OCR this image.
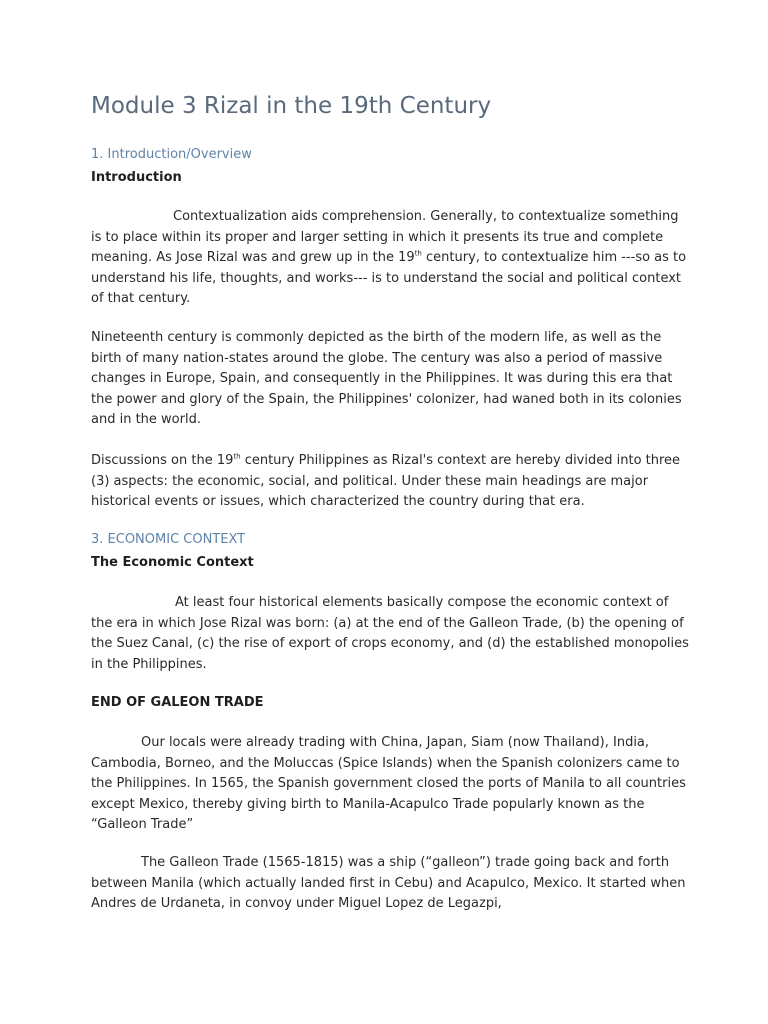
Module 3 Rizal in the 19th Century
1. Introduction/Overview
Introduction

Contextualization aids comprehension. Generally, to contextualize something is to place within its proper and larger setting in which it presents its true and complete meaning. As Jose Rizal was and grew up in the 19th century, to contextualize him ---so as to understand his life, thoughts, and works--- is to understand the social and political context of that century.

Nineteenth century is commonly depicted as the birth of the modern life, as well as the birth of many nation-states around the globe. The century was also a period of massive changes in Europe, Spain, and consequently in the Philippines. It was during this era that the power and glory of the Spain, the Philippines' colonizer, had waned both in its colonies and in the world.

Discussions on the 19th century Philippines as Rizal's context are hereby divided into three (3) aspects: the economic, social, and political. Under these main headings are major historical events or issues, which characterized the country during that era.

3. ECONOMIC CONTEXT
The Economic Context

At least four historical elements basically compose the economic context of the era in which Jose Rizal was born: (a) at the end of the Galleon Trade, (b) the opening of the Suez Canal, (c) the rise of export of crops economy, and (d) the established monopolies in the Philippines.

END OF GALEON TRADE

Our locals were already trading with China, Japan, Siam (now Thailand), India, Cambodia, Borneo, and the Moluccas (Spice Islands) when the Spanish colonizers came to the Philippines. In 1565, the Spanish government closed the ports of Manila to all countries except Mexico, thereby giving birth to Manila-Acapulco Trade popularly known as the “Galleon Trade”

The Galleon Trade (1565-1815) was a ship (“galleon”) trade going back and forth between Manila (which actually landed first in Cebu) and Acapulco, Mexico. It started when Andres de Urdaneta, in convoy under Miguel Lopez de Legazpi,
